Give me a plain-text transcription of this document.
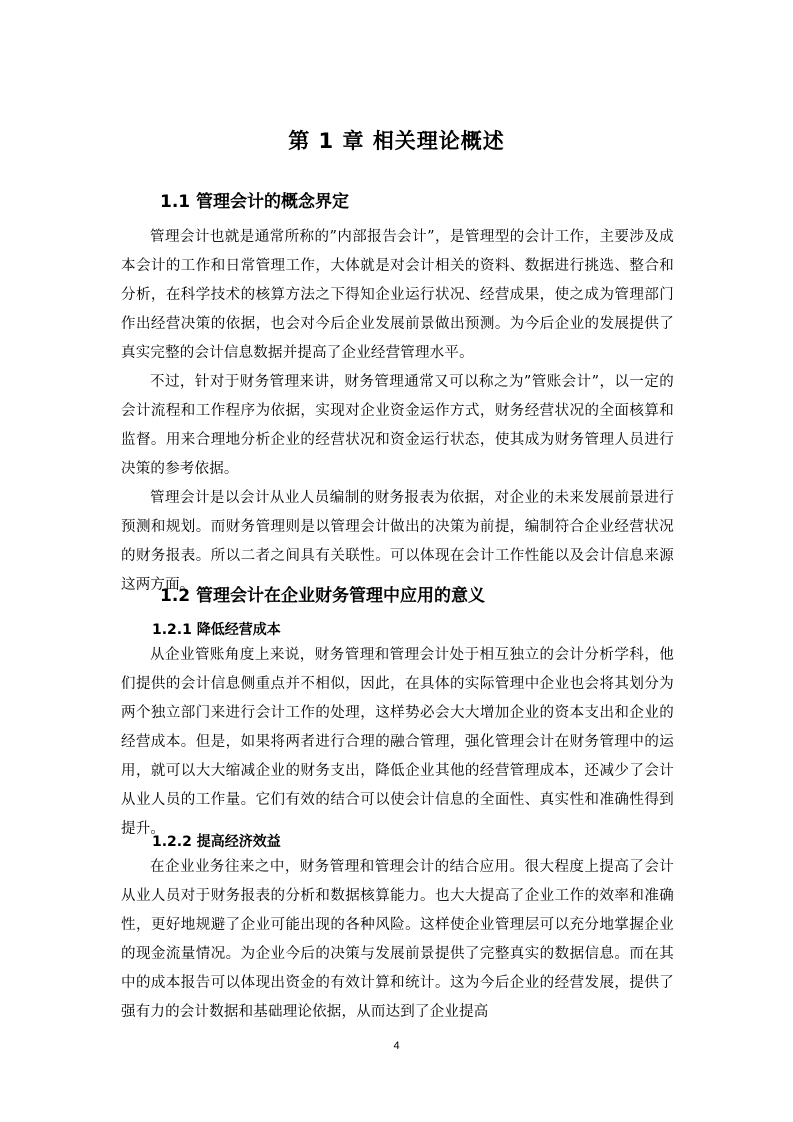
第 1 章 相关理论概述
1.1 管理会计的概念界定

管理会计也就是通常所称的”内部报告会计”，是管理型的会计工作，主要涉及成本会计的工作和日常管理工作，大体就是对会计相关的资料、数据进行挑选、整合和分析，在科学技术的核算方法之下得知企业运行状况、经营成果，使之成为管理部门作出经营决策的依据，也会对今后企业发展前景做出预测。为今后企业的发展提供了真实完整的会计信息数据并提高了企业经营管理水平。

不过，针对于财务管理来讲，财务管理通常又可以称之为”管账会计”，以一定的会计流程和工作程序为依据，实现对企业资金运作方式，财务经营状况的全面核算和监督。用来合理地分析企业的经营状况和资金运行状态，使其成为财务管理人员进行决策的参考依据。

管理会计是以会计从业人员编制的财务报表为依据，对企业的未来发展前景进行预测和规划。而财务管理则是以管理会计做出的决策为前提，编制符合企业经营状况的财务报表。所以二者之间具有关联性。可以体现在会计工作性能以及会计信息来源这两方面。

1.2 管理会计在企业财务管理中应用的意义
1.2.1 降低经营成本

从企业管账角度上来说，财务管理和管理会计处于相互独立的会计分析学科，他们提供的会计信息侧重点并不相似，因此，在具体的实际管理中企业也会将其划分为两个独立部门来进行会计工作的处理，这样势必会大大增加企业的资本支出和企业的经营成本。但是，如果将两者进行合理的融合管理，强化管理会计在财务管理中的运用，就可以大大缩减企业的财务支出，降低企业其他的经营管理成本，还减少了会计从业人员的工作量。它们有效的结合可以使会计信息的全面性、真实性和准确性得到提升。

1.2.2 提高经济效益

在企业业务往来之中，财务管理和管理会计的结合应用。很大程度上提高了会计从业人员对于财务报表的分析和数据核算能力。也大大提高了企业工作的效率和准确性，更好地规避了企业可能出现的各种风险。这样使企业管理层可以充分地掌握企业的现金流量情况。为企业今后的决策与发展前景提供了完整真实的数据信息。而在其中的成本报告可以体现出资金的有效计算和统计。这为今后企业的经营发展，提供了强有力的会计数据和基础理论依据，从而达到了企业提高

4
